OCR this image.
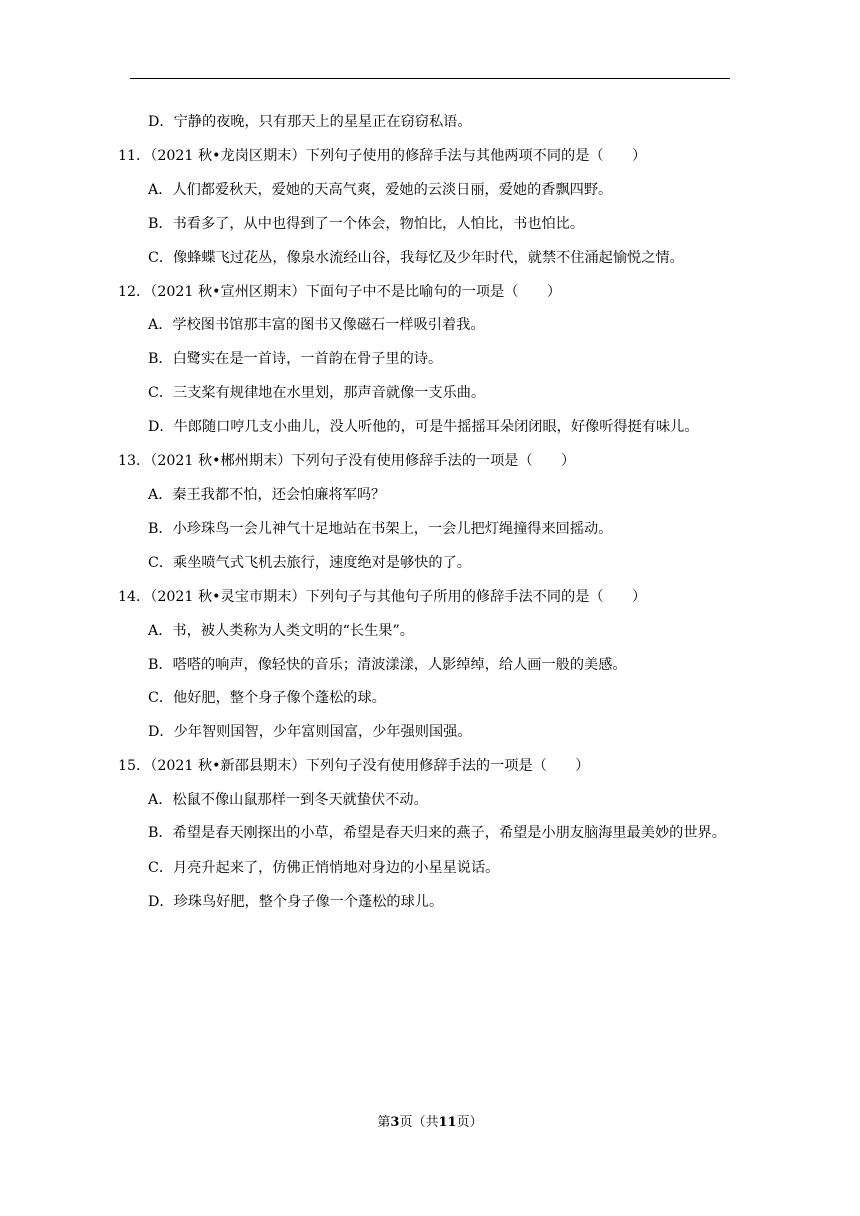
D．宁静的夜晚，只有那天上的星星正在窃窃私语。
11．（2021 秋•龙岗区期末）下列句子使用的修辞手法与其他两项不同的是（　　）
A．人们都爱秋天，爱她的天高气爽，爱她的云淡日丽，爱她的香飘四野。
B．书看多了，从中也得到了一个体会，物怕比，人怕比，书也怕比。
C．像蜂蝶飞过花丛，像泉水流经山谷，我每忆及少年时代，就禁不住涌起愉悦之情。
12．（2021 秋•宣州区期末）下面句子中不是比喻句的一项是（　　）
A．学校图书馆那丰富的图书又像磁石一样吸引着我。
B．白鹭实在是一首诗，一首韵在骨子里的诗。
C．三支桨有规律地在水里划，那声音就像一支乐曲。
D．牛郎随口哼几支小曲儿，没人听他的，可是牛摇摇耳朵闭闭眼，好像听得挺有味儿。
13．（2021 秋•郴州期末）下列句子没有使用修辞手法的一项是（　　）
A．秦王我都不怕，还会怕廉将军吗？
B．小珍珠鸟一会儿神气十足地站在书架上，一会儿把灯绳撞得来回摇动。
C．乘坐喷气式飞机去旅行，速度绝对是够快的了。
14．（2021 秋•灵宝市期末）下列句子与其他句子所用的修辞手法不同的是（　　）
A．书，被人类称为人类文明的“长生果”。
B．嗒嗒的响声，像轻快的音乐；清波漾漾，人影绰绰，给人画一般的美感。
C．他好肥，整个身子像个蓬松的球。
D．少年智则国智，少年富则国富，少年强则国强。
15．（2021 秋•新邵县期末）下列句子没有使用修辞手法的一项是（　　）
A．松鼠不像山鼠那样一到冬天就蛰伏不动。
B．希望是春天刚探出的小草，希望是春天归来的燕子，希望是小朋友脑海里最美妙的世界。
C．月亮升起来了，仿佛正悄悄地对身边的小星星说话。
D．珍珠鸟好肥，整个身子像一个蓬松的球儿。
第3页（共11页）
